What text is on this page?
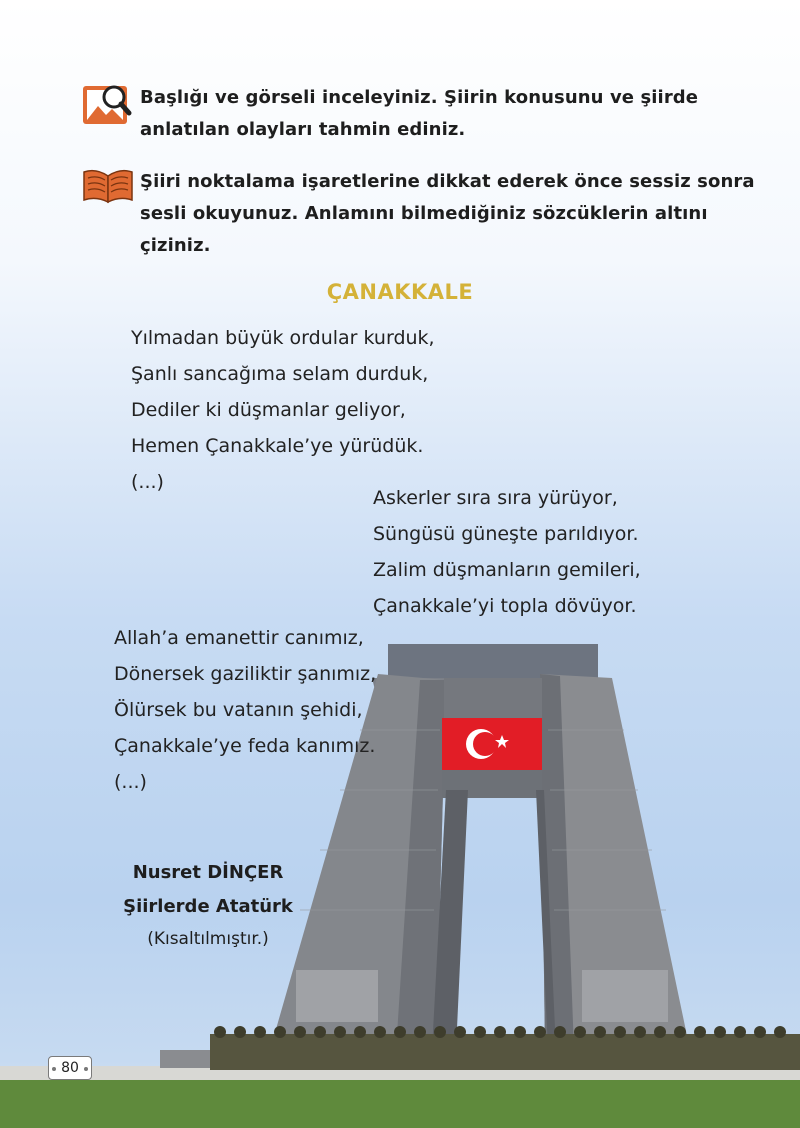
Başlığı ve görseli inceleyiniz. Şiirin konusunu ve şiirde anlatılan olayları tahmin ediniz.

Şiiri noktalama işaretlerine dikkat ederek önce sessiz sonra sesli okuyunuz. Anlamını bilmediğiniz sözcüklerin altını çiziniz.

ÇANAKKALE
Yılmadan büyük ordular kurduk,
Şanlı sancağıma selam durduk,
Dediler ki düşmanlar geliyor,
Hemen Çanakkale’ye yürüdük.
(...)
Askerler sıra sıra yürüyor,
Süngüsü güneşte parıldıyor.
Zalim düşmanların gemileri,
Çanakkale’yi topla dövüyor.
Allah’a emanettir canımız,
Dönersek gaziliktir şanımız,
Ölürsek bu vatanın şehidi,
Çanakkale’ye feda kanımız.
(...)
Nusret DİNÇER
Şiirlerde Atatürk
(Kısaltılmıştır.)
80
